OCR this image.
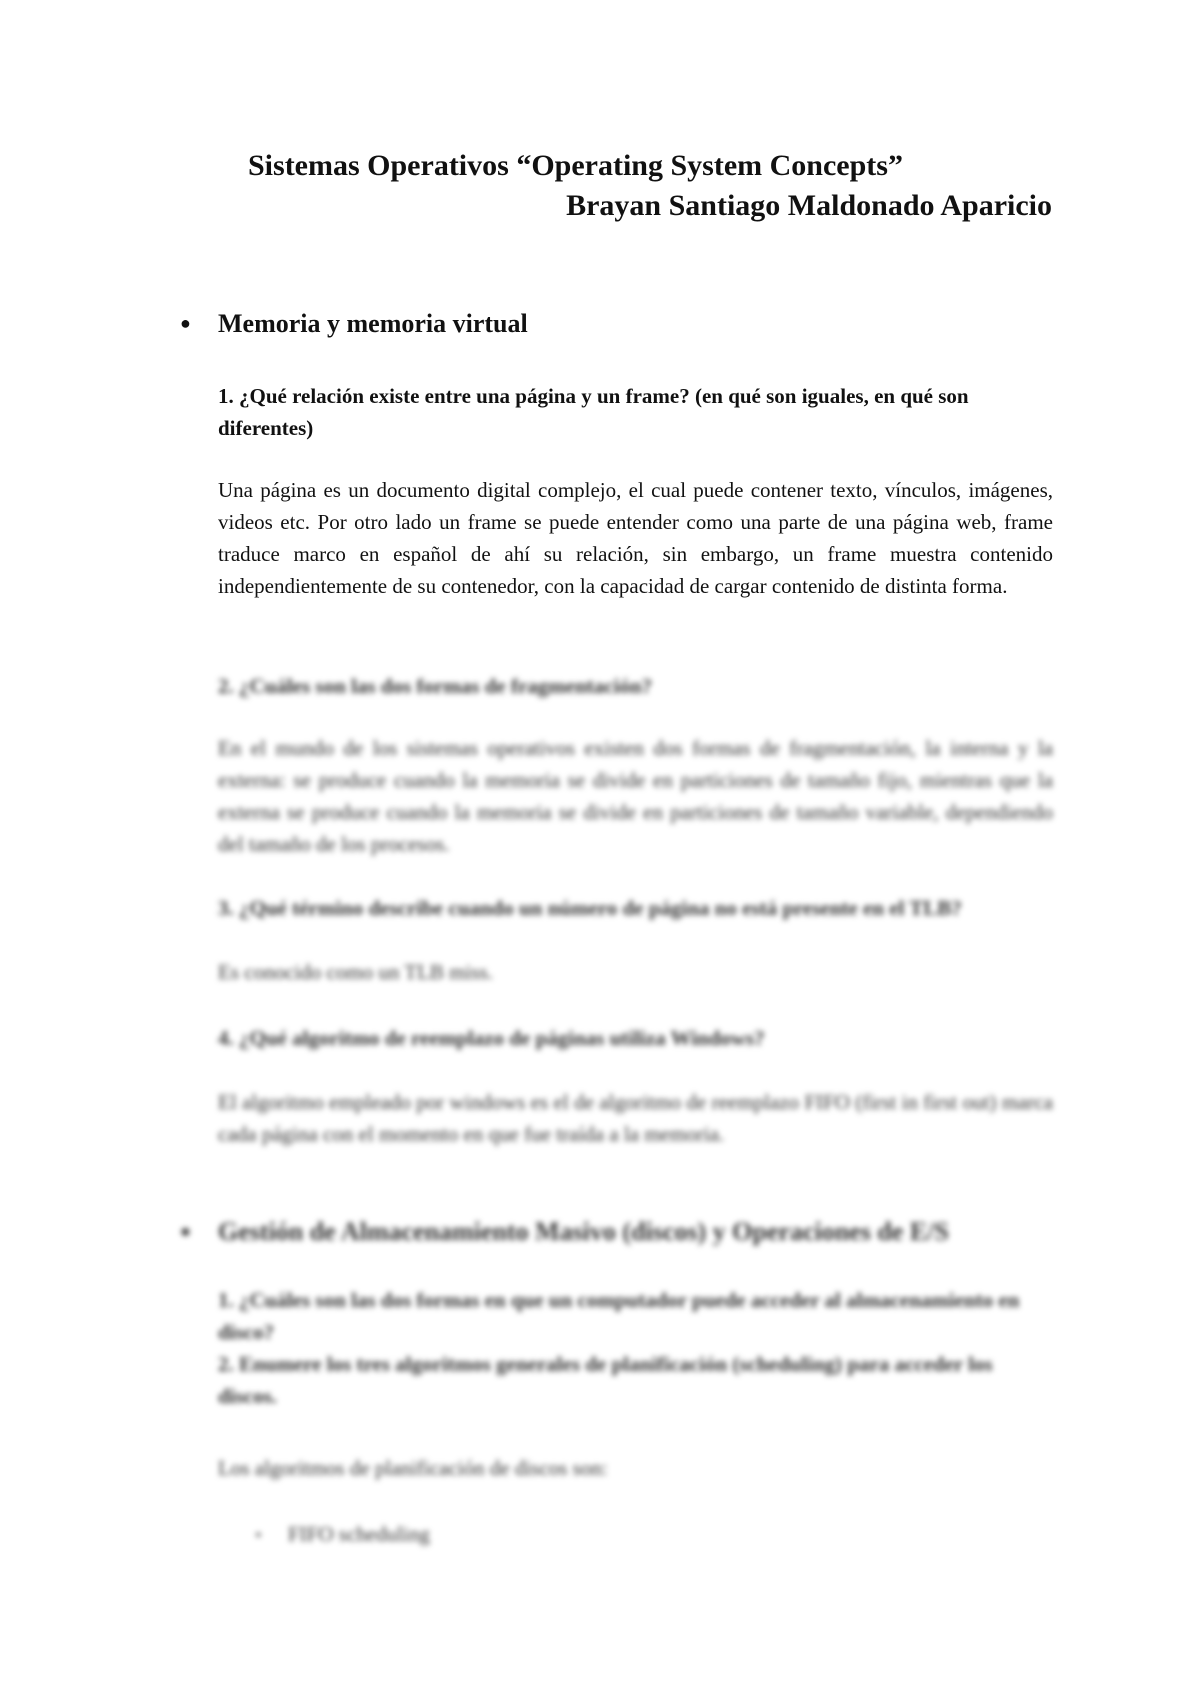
Sistemas Operativos “Operating System Concepts”
Brayan Santiago Maldonado Aparicio
● Memoria y memoria virtual

1. ¿Qué relación existe entre una página y un frame? (en qué son iguales, en qué son diferentes)

Una página es un documento digital complejo, el cual puede contener texto, vínculos, imágenes, videos etc. Por otro lado un frame se puede entender como una parte de una página web, frame traduce marco en español de ahí su relación, sin embargo, un frame muestra contenido independientemente de su contenedor, con la capacidad de cargar contenido de distinta forma.

2. ¿Cuáles son las dos formas de fragmentación?

En el mundo de los sistemas operativos existen dos formas de fragmentación, la interna y la externa: se produce cuando la memoria se divide en particiones de tamaño fijo, mientras que la externa se produce cuando la memoria se divide en particiones de tamaño variable, dependiendo del tamaño de los procesos.

3. ¿Qué término describe cuando un número de página no está presente en el TLB?

Es conocido como un TLB miss.

4. ¿Qué algoritmo de reemplazo de páginas utiliza Windows?

El algoritmo empleado por windows es el de algoritmo de reemplazo FIFO (first in first out) marca cada página con el momento en que fue traída a la memoria.

● Gestión de Almacenamiento Masivo (discos) y Operaciones de E/S

1. ¿Cuáles son las dos formas en que un computador puede acceder al almacenamiento en disco?

2. Enumere los tres algoritmos generales de planificación (scheduling) para acceder los discos.

Los algoritmos de planificación de discos son:

▪ FIFO scheduling
